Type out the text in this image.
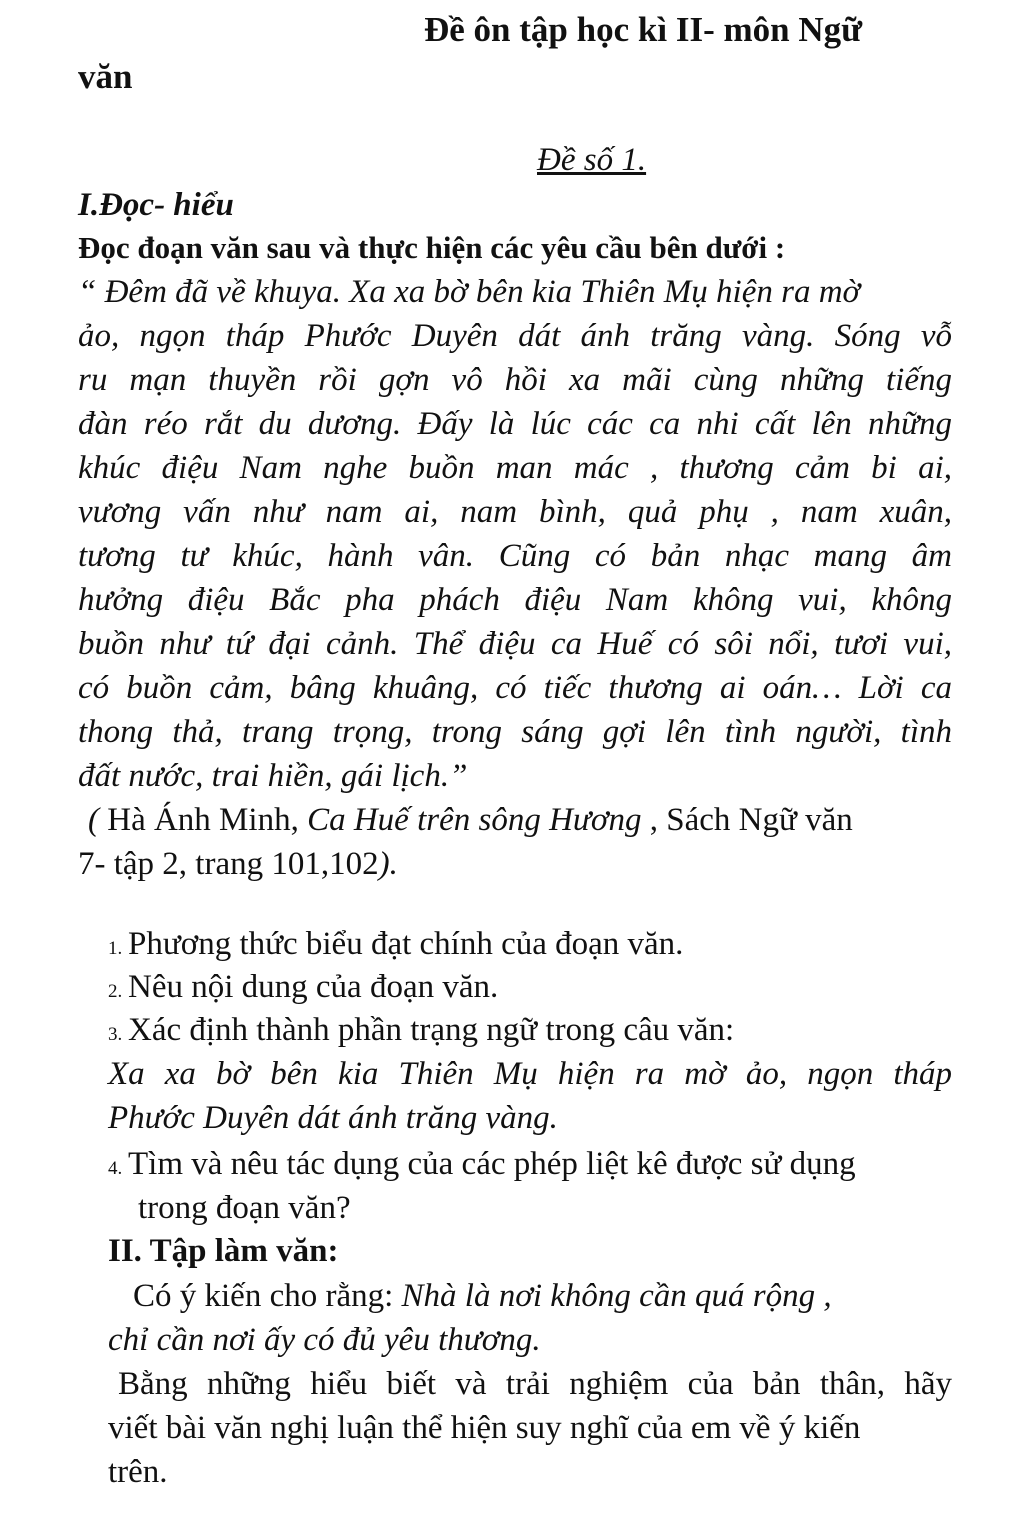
Đề ôn tập học kì II- môn Ngữ
văn
Đề số 1.
I.Đọc- hiểu
Đọc đoạn văn sau và thực hiện các yêu cầu bên dưới :
“ Đêm đã về khuya. Xa xa bờ bên kia Thiên Mụ hiện ra mờ
ảo, ngọn tháp Phước Duyên dát ánh trăng vàng. Sóng vỗ
ru mạn thuyền rồi gợn vô hồi xa mãi cùng những tiếng
đàn réo rắt du dương. Đấy là lúc các ca nhi cất lên những
khúc điệu Nam nghe buồn man mác , thương cảm bi ai,
vương vấn như nam ai, nam bình, quả phụ , nam xuân,
tương tư khúc, hành vân. Cũng có bản nhạc mang âm
hưởng điệu Bắc pha phách điệu Nam không vui, không
buồn như tứ đại cảnh. Thể điệu ca Huế có sôi nổi, tươi vui,
có buồn cảm, bâng khuâng, có tiếc thương ai oán… Lời ca
thong thả, trang trọng, trong sáng gợi lên tình người, tình
đất nước, trai hiền, gái lịch.”
( Hà Ánh Minh, Ca Huế trên sông Hương , Sách Ngữ văn
7- tập 2, trang 101,102).
1. Phương thức biểu đạt chính của đoạn văn.
2. Nêu nội dung của đoạn văn.
3. Xác định thành phần trạng ngữ trong câu văn:
Xa xa bờ bên kia Thiên Mụ hiện ra mờ ảo, ngọn tháp
Phước Duyên dát ánh trăng vàng.
4. Tìm và nêu tác dụng của các phép liệt kê được sử dụng
trong đoạn văn?
II. Tập làm văn:
Có ý kiến cho rằng: Nhà là nơi không cần quá rộng ,
chỉ cần nơi ấy có đủ yêu thương.
Bằng những hiểu biết và trải nghiệm của bản thân, hãy
viết bài văn nghị luận thể hiện suy nghĩ của em về ý kiến
trên.
